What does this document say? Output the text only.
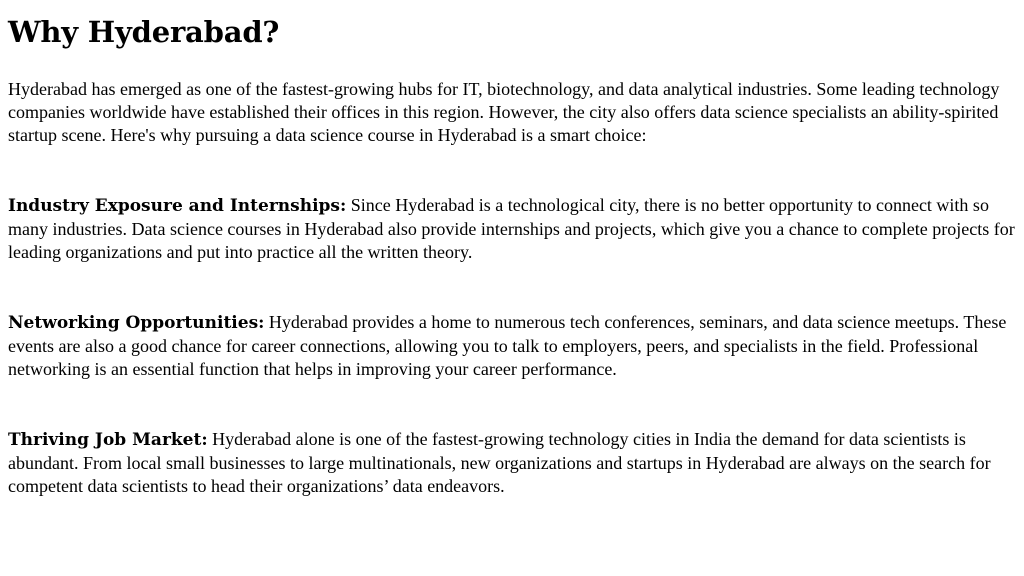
Why Hyderabad?

Hyderabad has emerged as one of the fastest-growing hubs for IT, biotechnology, and data analytical industries. Some leading technology companies worldwide have established their offices in this region. However, the city also offers data science specialists an ability-spirited startup scene. Here's why pursuing a data science course in Hyderabad is a smart choice:

Industry Exposure and Internships: Since Hyderabad is a technological city, there is no better opportunity to connect with so many industries. Data science courses in Hyderabad also provide internships and projects, which give you a chance to complete projects for leading organizations and put into practice all the written theory.

Networking Opportunities: Hyderabad provides a home to numerous tech conferences, seminars, and data science meetups. These events are also a good chance for career connections, allowing you to talk to employers, peers, and specialists in the field. Professional networking is an essential function that helps in improving your career performance.

Thriving Job Market: Hyderabad alone is one of the fastest-growing technology cities in India the demand for data scientists is abundant. From local small businesses to large multinationals, new organizations and startups in Hyderabad are always on the search for competent data scientists to head their organizations’ data endeavors.
